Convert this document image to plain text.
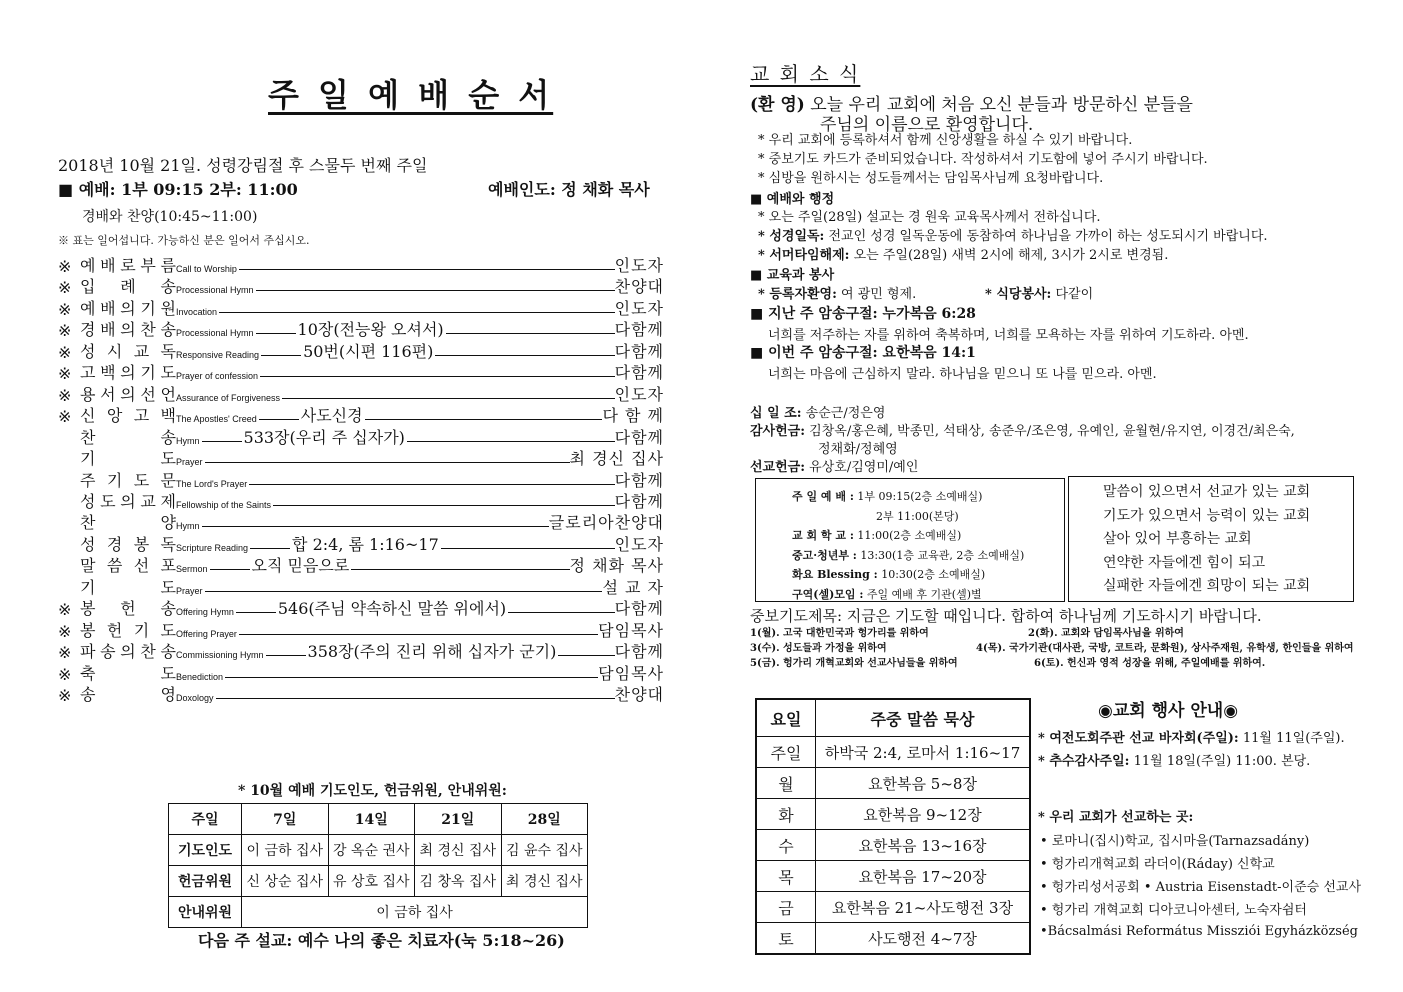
주 일 예 배 순 서
2018년 10월 21일. 성령강림절 후 스물두 번째 주일
■ 예배: 1부 09:15 2부: 11:00	예배인도: 정 채화 목사
경배와 찬양(10:45~11:00)
※ 표는 일어섭니다. 가능하신 분은 일어서 주십시오.
※ 예 배 로 부 름 Call to Worship	인도자
※ 입 례 송 Processional Hymn	찬양대
※ 예 배 의 기 원 Invocation	인도자
※ 경 배 의 찬 송 Processional Hymn	10장(전능왕 오셔서)	다함께
※ 성 시 교 독 Responsive Reading	50번(시편 116편)	다함께
※ 고 백 의 기 도 Prayer of confession	다함께
※ 용 서 의 선 언 Assurance of Forgiveness	인도자
※ 신 앙 고 백 The Apostles' Creed	사도신경	다 함 께
찬	송 Hymn	533장(우리 주 십자가)	다함께
기	도 Prayer	최 경신 집사
주 기 도 문 The Lord's Prayer	다함께
성 도 의 교 제 Fellowship of the Saints	다함께
찬	양 Hymn	글로리아찬양대
성 경 봉 독 Scripture Reading	합 2:4, 롬 1:16~17	인도자
말 씀 선 포 Sermon	오직 믿음으로	정 채화 목사
기	도 Prayer	설 교 자
※ 봉 헌 송 Offering Hymn	546(주님 약속하신 말씀 위에서)	다함께
※ 봉 헌 기 도 Offering Prayer	담임목사
※ 파 송 의 찬 송 Commissioning Hymn	358장(주의 진리 위해 십자가 군기)	다함께
※ 축	도 Benediction	담임목사
※ 송	영 Doxology	찬양대
* 10월 예배 기도인도, 헌금위원, 안내위원:
주일	7일	14일	21일	28일
기도인도	이 금하 집사	강 옥순 권사	최 경신 집사	김 윤수 집사
헌금위원	신 상순 집사	유 상호 집사	김 창옥 집사	최 경신 집사
안내위원	이 금하 집사			
다음 주 설교: 예수 나의 좋은 치료자(눅 5:18~26)
교 회 소 식
(환 영) 오늘 우리 교회에 처음 오신 분들과 방문하신 분들을
주님의 이름으로 환영합니다.
* 우리 교회에 등록하셔서 함께 신앙생활을 하실 수 있기 바랍니다.
* 중보기도 카드가 준비되었습니다. 작성하셔서 기도함에 넣어 주시기 바랍니다.
* 심방을 원하시는 성도들께서는 담임목사님께 요청바랍니다.
■ 예배와 행정
* 오는 주일(28일) 설교는 경 원욱 교육목사께서 전하십니다.
* 성경일독: 전교인 성경 일독운동에 동참하여 하나님을 가까이 하는 성도되시기 바랍니다.
* 서머타임해제: 오는 주일(28일) 새벽 2시에 해제, 3시가 2시로 변경됨.
■ 교육과 봉사
* 등록자환영: 여 광민 형제.	* 식당봉사: 다같이
■ 지난 주 암송구절: 누가복음 6:28
너희를 저주하는 자를 위하여 축복하며, 너희를 모욕하는 자를 위하여 기도하라. 아멘.
■ 이번 주 암송구절: 요한복음 14:1
너희는 마음에 근심하지 말라. 하나님을 믿으니 또 나를 믿으라. 아멘.
십 일 조: 송순근/정은영
감사헌금: 김창옥/홍은혜, 박종민, 석태상, 송준우/조은영, 유예인, 윤월현/유지연, 이경건/최은숙,
정채화/정혜영
선교헌금: 유상호/김영미/예인
주 일 예 배 : 1부 09:15(2층 소예배실)
2부 11:00(본당)
교 회 학 교 : 11:00(2층 소예배실)
중고·청년부 : 13:30(1층 교육관, 2층 소예배실)
화요 Blessing : 10:30(2층 소예배실)
구역(셀)모임 : 주일 예배 후 기관(셀)별
말씀이 있으면서 선교가 있는 교회
기도가 있으면서 능력이 있는 교회
살아 있어 부흥하는 교회
연약한 자들에겐 힘이 되고
실패한 자들에겐 희망이 되는 교회
중보기도제목: 지금은 기도할 때입니다. 합하여 하나님께 기도하시기 바랍니다.
1(월). 고국 대한민국과 헝가리를 위하여	2(화). 교회와 담임목사님을 위하여
3(수). 성도들과 가정을 위하여	4(목). 국가기관(대사관, 국방, 코트라, 문화원), 상사주재원, 유학생, 한인들을 위하여
5(금). 헝가리 개혁교회와 선교사님들을 위하여	6(토). 헌신과 영적 성장을 위해, 주일예배를 위하여.
요일	주중 말씀 묵상
주일	하박국 2:4, 로마서 1:16~17
월	요한복음 5~8장
화	요한복음 9~12장
수	요한복음 13~16장
목	요한복음 17~20장
금	요한복음 21~사도행전 3장
토	사도행전 4~7장
◉교회 행사 안내◉
* 여전도회주관 선교 바자회(주일): 11월 11일(주일).
* 추수감사주일: 11월 18일(주일) 11:00. 본당.
* 우리 교회가 선교하는 곳:
• 로마니(집시)학교, 집시마을(Tarnazsadány)
• 헝가리개혁교회 라더이(Ráday) 신학교
• 헝가리성서공회 • Austria Eisenstadt-이준승 선교사
• 헝가리 개혁교회 디아코니아센터, 노숙자쉼터
•Bácsalmási Református Missziói Egyházközség
